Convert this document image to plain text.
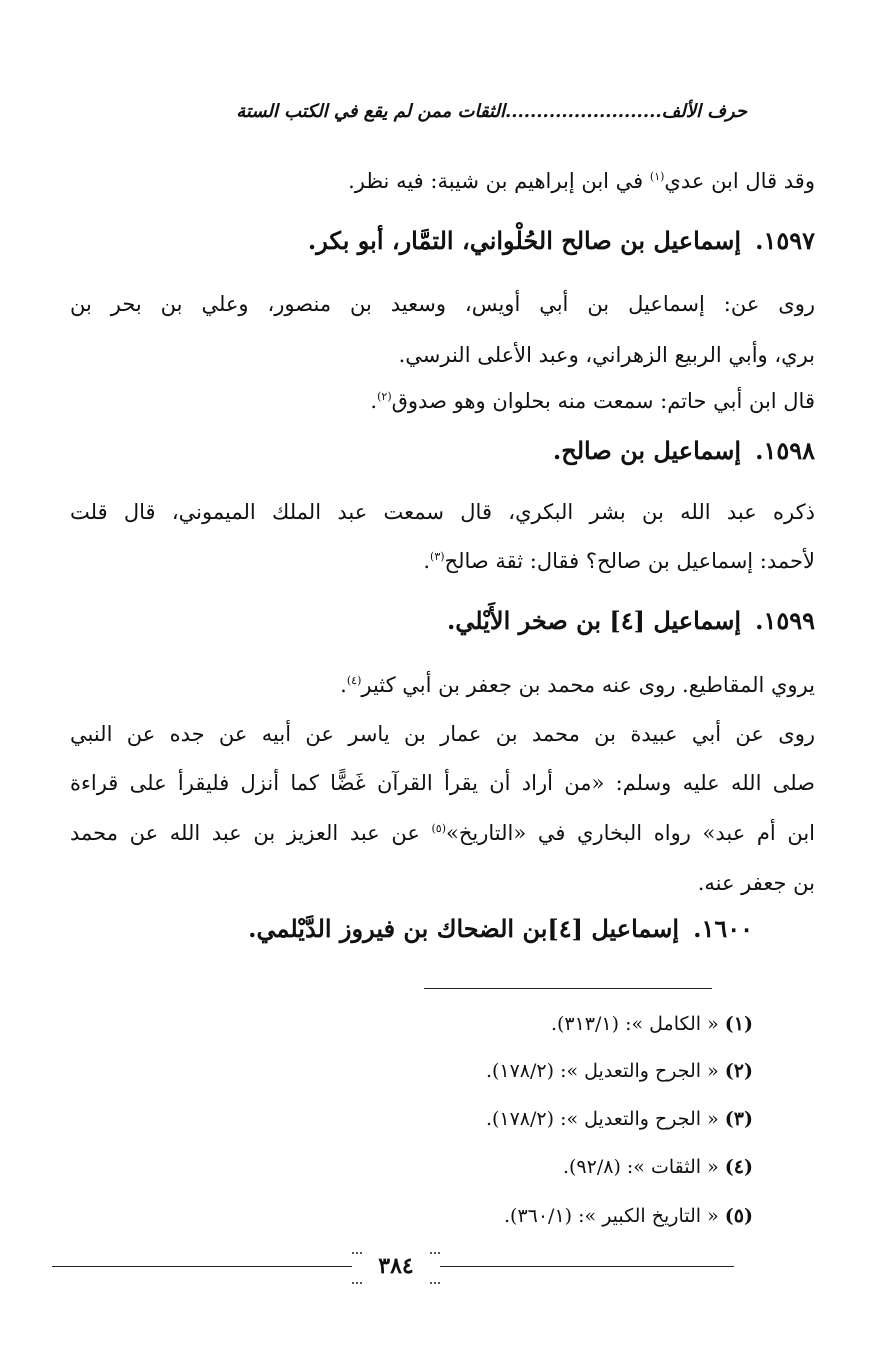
حرف الألف.........................الثقات ممن لم يقع في الكتب الستة
وقد قال ابن عدي$^{(١)}$ في ابن إبراهيم بن شيبة: فيه نظر.
١٥٩٧.إسماعيل بن صالح الحُلْواني، التمَّار، أبو بكر.
روى عن: إسماعيل بن أبي أويس، وسعيد بن منصور، وعلي بن بحر بن
بري، وأبي الربيع الزهراني، وعبد الأعلى النرسي.
قال ابن أبي حاتم: سمعت منه بحلوان وهو صدوق$^{(٢)}$.
١٥٩٨.إسماعيل بن صالح.
ذكره عبد الله بن بشر البكري، قال سمعت عبد الملك الميموني، قال قلت
لأحمد: إسماعيل بن صالح؟ فقال: ثقة صالح$^{(٣)}$.
١٥٩٩.إسماعيل [٤] بن صخر الأَيْلي.
يروي المقاطيع. روى عنه محمد بن جعفر بن أبي كثير$^{(٤)}$.
روى عن أبي عبيدة بن محمد بن عمار بن ياسر عن أبيه عن جده عن النبي
صلى الله عليه وسلم: «من أراد أن يقرأ القرآن غَضًّا كما أنزل فليقرأ على قراءة
ابن أم عبد» رواه البخاري في «التاريخ»$^{(٥)}$ عن عبد العزيز بن عبد الله عن محمد
بن جعفر عنه.
١٦٠٠.إسماعيل [٤]بن الضحاك بن فيروز الدَّيْلمي.
(١) « الكامل »: (٣١٣/١).
(٢) « الجرح والتعديل »: (١٧٨/٢).
(٣) « الجرح والتعديل »: (١٧٨/٢).
(٤) « الثقات »: (٩٢/٨).
(٥) « التاريخ الكبير »: (٣٦٠/١).
٣٨٤
